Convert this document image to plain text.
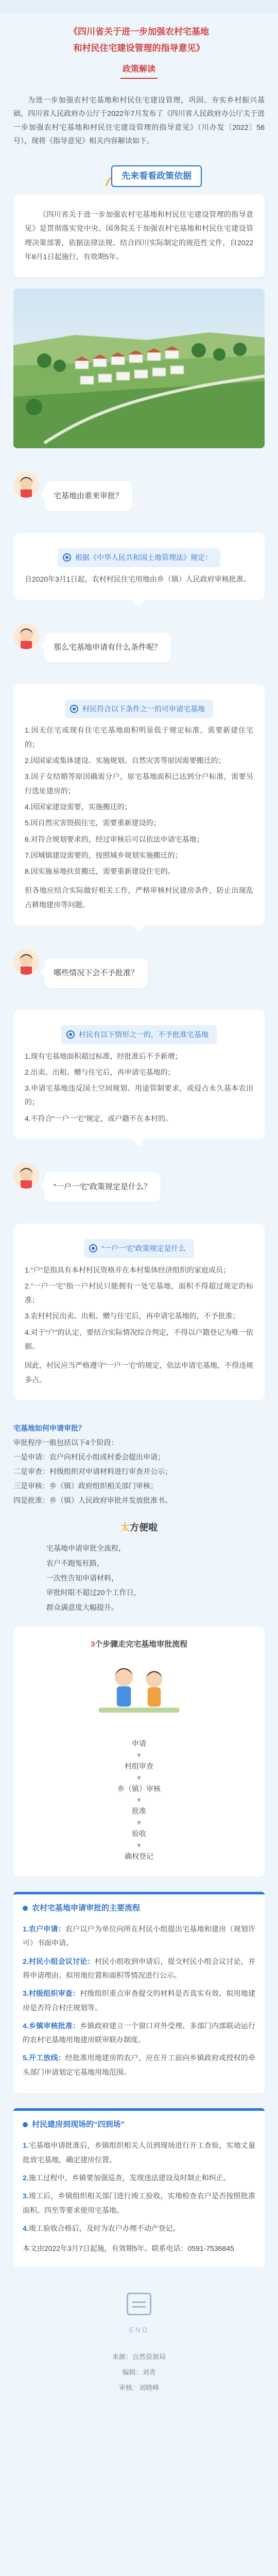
《四川省关于进一步加强农村宅基地
和村民住宅建设管理的指导意见》
政策解读
为进一步加强农村宅基地和村民住宅建设管理，巩固、夯实乡村振兴基础，四川省人民政府办公厅于2022年7月发布了《四川省人民政府办公厅关于进一步加强农村宅基地和村民住宅建设管理的指导意见》（川办发〔2022〕56号），现将《指导意见》相关内容解读如下。
先来看看政策依据

《四川省关于进一步加强农村宅基地和村民住宅建设管理的指导意见》是贯彻落实党中央、国务院关于加强农村宅基地和村民住宅建设管理决策部署，依据法律法规、结合四川实际制定的规范性文件，自2022年8月1日起施行，有效期5年。

宅基地由谁来审批？
根据《中华人民共和国土地管理法》规定：

自2020年3月1日起，农村村民住宅用地由乡（镇）人民政府审核批准。

那么宅基地申请有什么条件呢？
村民符合以下条件之一的可申请宅基地

1.因无住宅或现有住宅宅基地面积明显低于规定标准，需要新建住宅的；

2.因国家或集体建设、实施规划、自然灾害等原因需要搬迁的；

3.因子女结婚等原因确需分户，原宅基地面积已达到分户标准，需要另行选址建房的；

4.因国家建设需要，实施搬迁的；

5.因自然灾害毁损住宅，需要重新建设的；

6.对符合规划要求的，经过审核后可以依法申请宅基地；

7.因城镇建设需要的，按照城乡规划实施搬迁的；

8.因实施易地扶贫搬迁，需要重新建设住宅的。

但各地应结合实际做好相关工作，严格审核村民建房条件，防止出现乱占耕地建房等问题。

哪些情况下会不予批准？
村民有以下情形之一的，不予批准宅基地

1.现有宅基地面积超过标准，经批准后不予新增；

2.出卖、出租、赠与住宅后，再申请宅基地的；

3.申请宅基地违反国土空间规划、用途管制要求，或侵占永久基本农田的；

4.不符合“一户一宅”规定，或户籍不在本村的。

“一户一宅”政策规定是什么？
“一户一宅”政策规定是什么

1.“户”是指具有本村村民资格并在本村集体经济组织的家庭成员；

2.“一户一宅”指一户村民只能拥有一处宅基地，面积不得超过规定的标准；

3.农村村民出卖、出租、赠与住宅后，再申请宅基地的，不予批准；

4.对于“户”的认定，要结合实际情况综合判定，不得以户籍登记为唯一依据。

因此，村民应当严格遵守“一户一宅”的规定，依法申请宅基地，不得违规多占。

宅基地如何申请审批？

审批程序一般包括以下4个阶段：

一是申请：农户向村民小组或村委会提出申请；

二是审查：村级组织对申请材料进行审查并公示；

三是审核：乡（镇）政府组织相关部门审核；

四是批准：乡（镇）人民政府审批并发放批准书。

太方便啦
宅基地申请审批全流程，
农户不跑冤枉路，
一次性告知申请材料，
审批时限不超过20个工作日，
群众满意度大幅提升。
3个步骤走完宅基地审批流程
申请
▼
村组审查
▼
乡（镇）审核
▼
批准
▼
验收
▼
确权登记
农村宅基地申请审批的主要流程
1.农户申请：农户以户为单位向所在村民小组提出宅基地和建房（规划许可）书面申请。
2.村民小组会议讨论：村民小组收到申请后，提交村民小组会议讨论，并将申请理由、拟用地位置和面积等情况进行公示。
3.村级组织审查：村级组织重点审查提交的材料是否真实有效、拟用地建房是否符合村庄规划等。
4.乡镇审核批准：乡镇政府建立一个窗口对外受理、多部门内部联动运行的农村宅基地用地建房联审联办制度。
5.开工放线：经批准用地建房的农户，应在开工前向乡镇政府或授权的牵头部门申请划定宅基地用地范围。
村民建房到现场的“四到场”
1.宅基地申请批准后，乡镇组织相关人员到现场进行开工查验，实地丈量批放宅基地，确定建房位置。
2.施工过程中，乡镇要加强巡查，发现违法建设及时制止和纠正。
3.竣工后，乡镇组织相关部门进行竣工验收，实地检查农户是否按照批准面积、四至等要求使用宅基地。
4.竣工验收合格后，及时为农户办理不动产登记。
本文由2022年3月7日起施，有效期5年。联系电话：0591-7536845
END
来源：自然资源局
编辑：刘青
审核：刘晓峰
